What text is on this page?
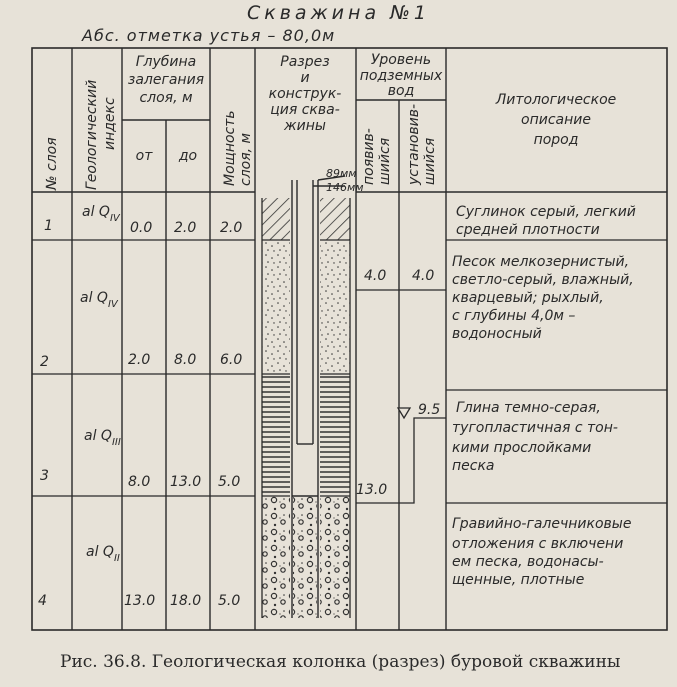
Скважина №1
Абс. отметка устья – 80,0м
№ слоя Геологический индекс
Глубина
залегания
слоя, м
от до Мощность слоя, м
Разрез
и
конструк-
ция сква-
жины
Уровень
подземных
вод
появив- шийся установив- шийся
Литологическое
описание
пород
89мм
146мм
1
al $Q_{IV}$
0.0 2.0 2.0
2
al $Q_{IV}$
2.0 8.0 6.0
3
al $Q_{III}$
8.0 13.0 5.0
4
al $Q_{II}$
13.0 18.0 5.0
4.0 4.0
13.0
9.5
Суглинок серый, легкий
средней плотности
Песок мелкозернистый,
светло-серый, влажный,
кварцевый; рыхлый,
с глубины 4,0м –
водоносный
Глина темно-серая,
тугопластичная с тон-
кими прослойками
песка
Гравийно-галечниковые
отложения с включени
ем песка, водонасы-
щенные, плотные
Рис. 36.8. Геологическая колонка (разрез) буровой скважины
